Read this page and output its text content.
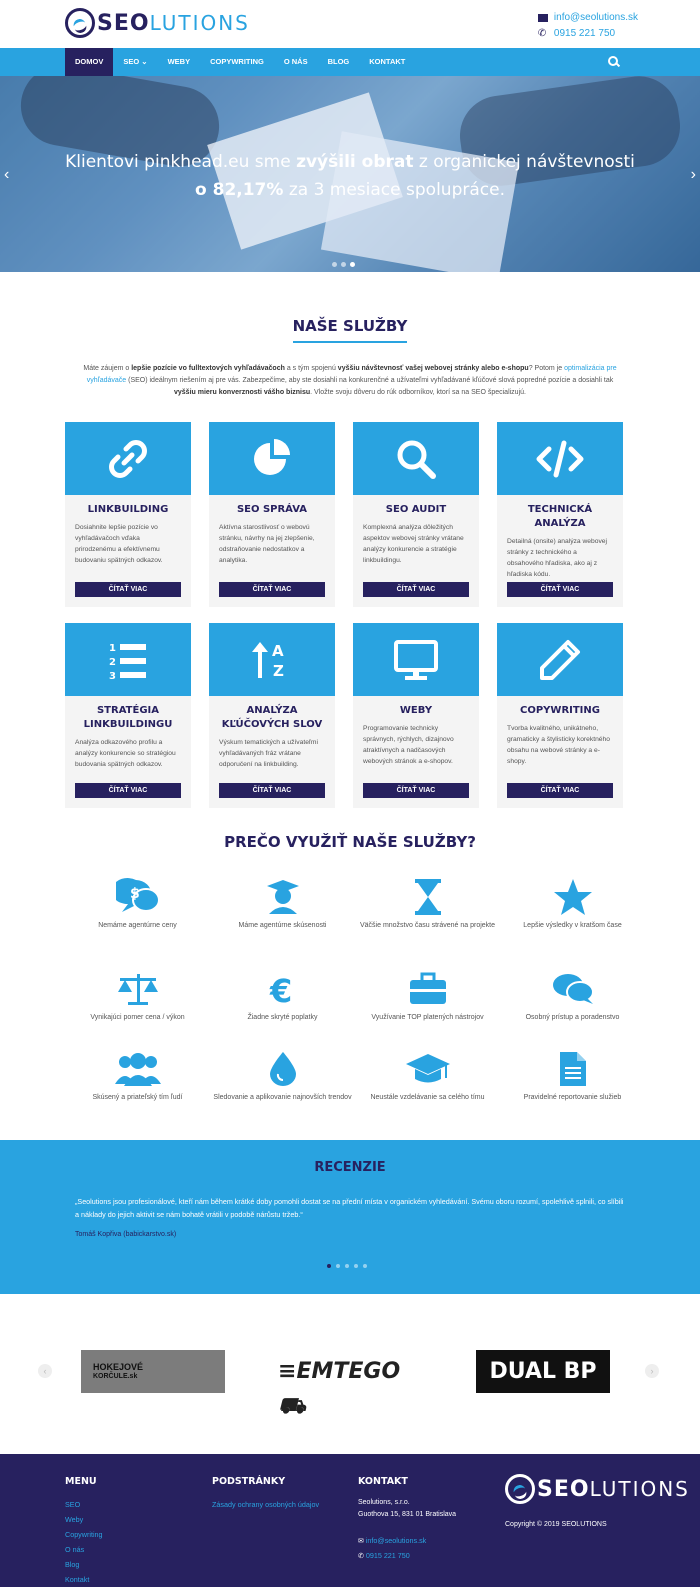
SEOLUTIONS	info@seolutions.sk
✆ 0915 221 750
DOMOV	SEO ⌄	WEBY	COPYWRITING	O NÁS	BLOG	KONTAKT
Klientovi pinkhead.eu sme zvýšili obrat z organickej návštevnosti o 82,17% za 3 mesiace spolupráce.
‹	›
NAŠE SLUŽBY
Máte záujem o lepšie pozície vo fulltextových vyhľadávačoch a s tým spojenú vyššiu návštevnosť vašej webovej stránky alebo e-shopu? Potom je optimalizácia pre vyhľadávače (SEO) ideálnym riešením aj pre vás. Zabezpečíme, aby ste dosiahli na konkurenčné a užívateľmi vyhľadávané kľúčové slová popredné pozície a dosiahli tak vyššiu mieru konverznosti vášho biznisu. Vložte svoju dôveru do rúk odborníkov, ktorí sa na SEO špecializujú.
LINKBUILDING
Dosiahnite lepšie pozície vo vyhľadávačoch vďaka prirodzenému a efektívnemu budovaniu spätných odkazov.
ČÍTAŤ VIAC
SEO SPRÁVA
Aktívna starostlivosť o webovú stránku, návrhy na jej zlepšenie, odstraňovanie nedostatkov a analytika.
ČÍTAŤ VIAC
SEO AUDIT
Komplexná analýza dôležitých aspektov webovej stránky vrátane analýzy konkurencie a stratégie linkbuildingu.
ČÍTAŤ VIAC
TECHNICKÁ ANALÝZA
Detailná (onsite) analýza webovej stránky z technického a obsahového hľadiska, ako aj z hľadiska kódu.
ČÍTAŤ VIAC
1
2
3
STRATÉGIA LINKBUILDINGU
Analýza odkazového profilu a analýzy konkurencie so stratégiou budovania spätných odkazov.
ČÍTAŤ VIAC
A
Z
ANALÝZA KĽÚČOVÝCH SLOV
Výskum tematických a užívateľmi vyhľadávaných fráz vrátane odporučení na linkbuilding.
ČÍTAŤ VIAC
WEBY
Programovanie technicky správnych, rýchlych, dizajnovo atraktívnych a nadčasových webových stránok a e-shopov.
ČÍTAŤ VIAC
COPYWRITING
Tvorba kvalitného, unikátneho, gramaticky a štylisticky korektného obsahu na webové stránky a e-shopy.
ČÍTAŤ VIAC
PREČO VYUŽIŤ NAŠE SLUŽBY?
$
Nemáme agentúrne ceny	Máme agentúrne skúsenosti	Väčšie množstvo času strávené na projekte	Lepšie výsledky v kratšom čase
Vynikajúci pomer cena / výkon
€
Žiadne skryté poplatky	Využívanie TOP platených nástrojov	Osobný prístup a poradenstvo
Skúsený a priateľský tím ľudí	Sledovanie a aplikovanie najnovších trendov	Neustále vzdelávanie sa celého tímu	Pravidelné reportovanie služieb
RECENZIE
„Seolutions jsou profesionálové, kteří nám během krátké doby pomohli dostat se na přední místa v organickém vyhledávání. Svému oboru rozumí, spolehlivě splnili, co slíbili a náklady do jejich aktivit se nám bohatě vrátili v podobě nárůstu tržeb.“
Tomáš Kopřiva (babickarstvo.sk)
‹	HOKEJOVÉ
KORČULE.sk	≡EMTEGO ⛟
DUAL BP	›
MENU
SEO
Weby
Copywriting
O nás
Blog
Kontakt
PODSTRÁNKY
Zásady ochrany osobných údajov
KONTAKT
Seolutions, s.r.o.
Guothova 15, 831 01 Bratislava
✉ info@seolutions.sk
✆ 0915 221 750
SEOLUTIONS
Copyright © 2019 SEOLUTIONS
